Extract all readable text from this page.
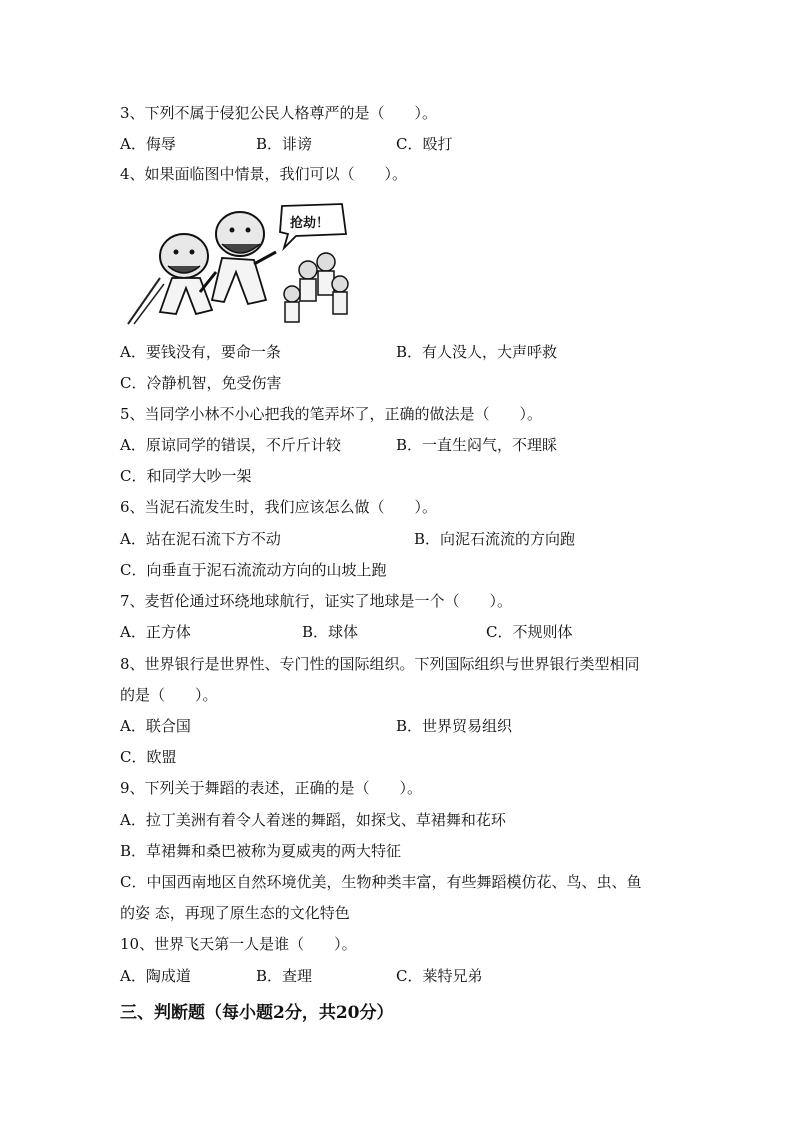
3、下列不属于侵犯公民人格尊严的是（　　）。
A．侮辱	B．诽谤	C．殴打
4、如果面临图中情景，我们可以（　　）。
抢劫！
A．要钱没有，要命一条	B．有人没人，大声呼救
C．冷静机智，免受伤害
5、当同学小林不小心把我的笔弄坏了，正确的做法是（　　）。
A．原谅同学的错误，不斤斤计较	B．一直生闷气，不理睬
C．和同学大吵一架
6、当泥石流发生时，我们应该怎么做（　　）。
A．站在泥石流下方不动	B．向泥石流流的方向跑
C．向垂直于泥石流流动方向的山坡上跑
7、麦哲伦通过环绕地球航行，证实了地球是一个（　　）。
A．正方体	B．球体	C．不规则体
8、世界银行是世界性、专门性的国际组织。下列国际组织与世界银行类型相同
的是（　　）。
A．联合国	B．世界贸易组织
C．欧盟
9、下列关于舞蹈的表述，正确的是（　　）。
A．拉丁美洲有着令人着迷的舞蹈，如探戈、草裙舞和花环
B．草裙舞和桑巴被称为夏威夷的两大特征
C．中国西南地区自然环境优美，生物种类丰富，有些舞蹈模仿花、鸟、虫、鱼
的姿 态，再现了原生态的文化特色
10、世界飞天第一人是谁（　　）。
A．陶成道	B．查理	C．莱特兄弟
三、判断题（每小题2分，共20分）
